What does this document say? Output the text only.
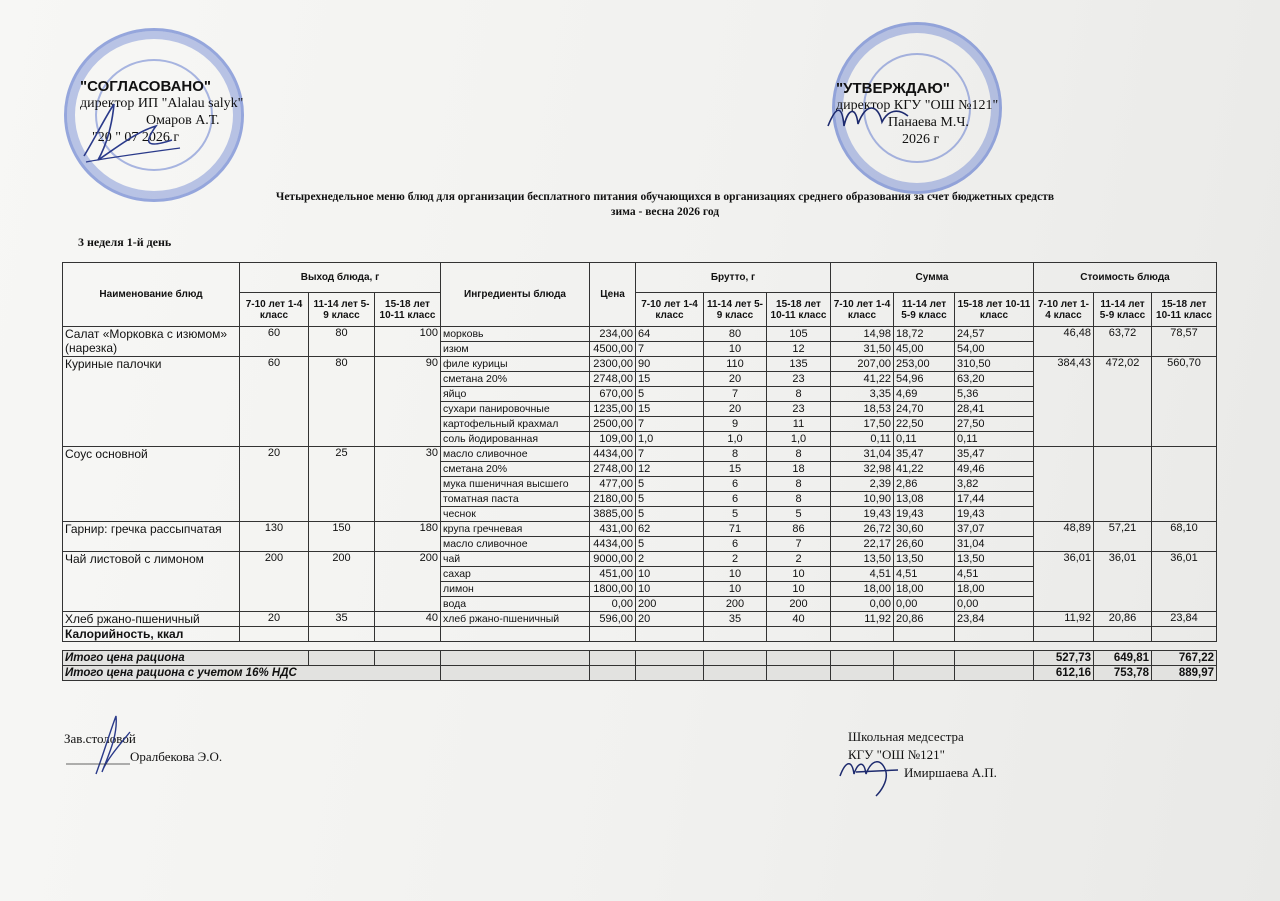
"СОГЛАСОВАНО"
директор ИП "Alalau salyk"
Омаров А.Т.
"20 " 07 2026 г
"УТВЕРЖДАЮ"
директор КГУ "ОШ №121"
Панаева М.Ч.
2026 г
Четырехнедельное меню блюд для организации бесплатного питания обучающихся в организациях среднего образования за счет бюджетных средств
зима - весна 2026 год
3 неделя 1-й день
Наименование блюд	Выход блюда, г			Ингредиенты блюда	Цена	Брутто, г			Сумма			Стоимость блюда		
	7-10 лет 1-4 класс	11-14 лет 5-9 класс	15-18 лет 10-11 класс			7-10 лет 1-4 класс	11-14 лет 5-9 класс	15-18 лет 10-11 класс	7-10 лет 1-4 класс	11-14 лет 5-9 класс	15-18 лет 10-11 класс	7-10 лет 1-4 класс	11-14 лет 5-9 класс	15-18 лет 10-11 класс
Салат «Морковка с изюмом» (нарезка)	60	80	100	морковь	234,00	64	80	105	14,98	18,72	24,57	46,48	63,72	78,57
				изюм	4500,00	7	10	12	31,50	45,00	54,00			
Куриные палочки	60	80	90	филе курицы	2300,00	90	110	135	207,00	253,00	310,50	384,43	472,02	560,70
				сметана 20%	2748,00	15	20	23	41,22	54,96	63,20			
				яйцо	670,00	5	7	8	3,35	4,69	5,36			
				сухари панировочные	1235,00	15	20	23	18,53	24,70	28,41			
				картофельный крахмал	2500,00	7	9	11	17,50	22,50	27,50			
				соль йодированная	109,00	1,0	1,0	1,0	0,11	0,11	0,11			
Соус основной	20	25	30	масло сливочное	4434,00	7	8	8	31,04	35,47	35,47			
				сметана 20%	2748,00	12	15	18	32,98	41,22	49,46			
				мука пшеничная высшего	477,00	5	6	8	2,39	2,86	3,82			
				томатная паста	2180,00	5	6	8	10,90	13,08	17,44			
				чеснок	3885,00	5	5	5	19,43	19,43	19,43			
Гарнир: гречка рассыпчатая	130	150	180	крупа гречневая	431,00	62	71	86	26,72	30,60	37,07	48,89	57,21	68,10
				масло сливочное	4434,00	5	6	7	22,17	26,60	31,04			
Чай листовой с лимоном	200	200	200	чай	9000,00	2	2	2	13,50	13,50	13,50	36,01	36,01	36,01
				сахар	451,00	10	10	10	4,51	4,51	4,51			
				лимон	1800,00	10	10	10	18,00	18,00	18,00			
				вода	0,00	200	200	200	0,00	0,00	0,00			
Хлеб ржано-пшеничный	20	35	40	хлеб ржано-пшеничный	596,00	20	35	40	11,92	20,86	23,84	11,92	20,86	23,84
Калорийность, ккал														

Итого цена рациона												527,73	649,81	767,22
Итого цена рациона с учетом 16% НДС												612,16	753,78	889,97
Зав.столовой
Оралбекова Э.О.
Школьная медсестра
КГУ "ОШ №121"
Имиршаева А.П.
